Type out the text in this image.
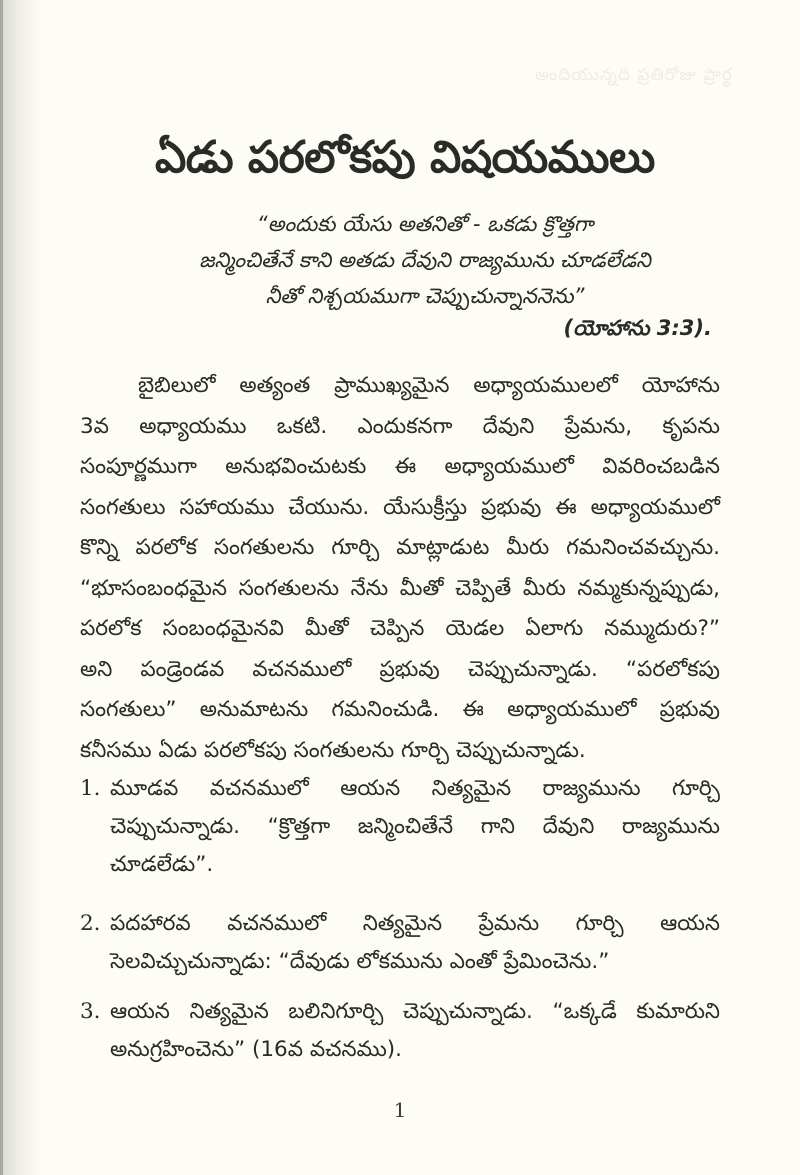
అందియున్నది ప్రతిరోజు ప్రార్థ
ఏడు పరలోకపు విషయములు
“అందుకు యేసు అతనితో - ఒకడు క్రొత్తగా
జన్మించితేనే కాని అతడు దేవుని రాజ్యమును చూడలేడని
నీతో నిశ్చయముగా చెప్పుచున్నాననెను”
(యోహాను 3:3).
బైబిలులో అత్యంత ప్రాముఖ్యమైన అధ్యాయములలో యోహాను
3వ అధ్యాయము ఒకటి. ఎందుకనగా దేవుని ప్రేమను, కృపను
సంపూర్ణముగా అనుభవించుటకు ఈ అధ్యాయములో వివరించబడిన
సంగతులు సహాయము చేయును. యేసుక్రీస్తు ప్రభువు ఈ అధ్యాయములో
కొన్ని పరలోక సంగతులను గూర్చి మాట్లాడుట మీరు గమనించవచ్చును.
“భూసంబంధమైన సంగతులను నేను మీతో చెప్పితే మీరు నమ్మకున్నప్పుడు,
పరలోక సంబంధమైనవి మీతో చెప్పిన యెడల ఏలాగు నమ్ముదురు?”
అని పండ్రెండవ వచనములో ప్రభువు చెప్పుచున్నాడు. “పరలోకపు
సంగతులు” అనుమాటను గమనించుడి. ఈ అధ్యాయములో ప్రభువు
కనీసము ఏడు పరలోకపు సంగతులను గూర్చి చెప్పుచున్నాడు.
1. మూడవ వచనములో ఆయన నిత్యమైన రాజ్యమును గూర్చి
చెప్పుచున్నాడు. “క్రొత్తగా జన్మించితేనే గాని దేవుని రాజ్యమును
చూడలేడు”.
2. పదహారవ వచనములో నిత్యమైన ప్రేమను గూర్చి ఆయన
సెలవిచ్చుచున్నాడు: “దేవుడు లోకమును ఎంతో ప్రేమించెను.”
3. ఆయన నిత్యమైన బలినిగూర్చి చెప్పుచున్నాడు. “ఒక్కడే కుమారుని
అనుగ్రహించెను” (16వ వచనము).
1
